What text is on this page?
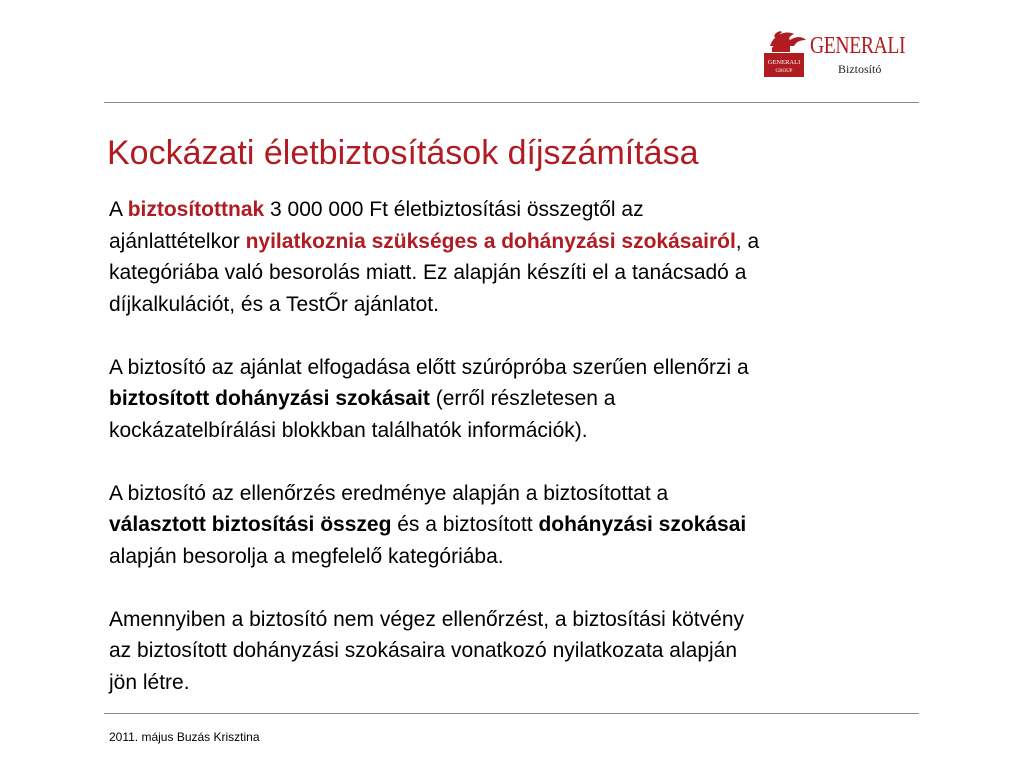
GENERALI
GROUP
GENERALI
Biztosító
Kockázati életbiztosítások díjszámítása

A biztosítottnak 3 000 000 Ft életbiztosítási összegtől az
ajánlattételkor nyilatkoznia szükséges a dohányzási szokásairól, a
kategóriába való besorolás miatt. Ez alapján készíti el a tanácsadó a
díjkalkulációt, és a TestŐr ajánlatot.

A biztosító az ajánlat elfogadása előtt szúrópróba szerűen ellenőrzi a
biztosított dohányzási szokásait (erről részletesen a
kockázatelbírálási blokkban találhatók információk).

A biztosító az ellenőrzés eredménye alapján a biztosítottat a
választott biztosítási összeg és a biztosított dohányzási szokásai
alapján besorolja a megfelelő kategóriába.

Amennyiben a biztosító nem végez ellenőrzést, a biztosítási kötvény
az biztosított dohányzási szokásaira vonatkozó nyilatkozata alapján
jön létre.

2011. május Buzás Krisztina
